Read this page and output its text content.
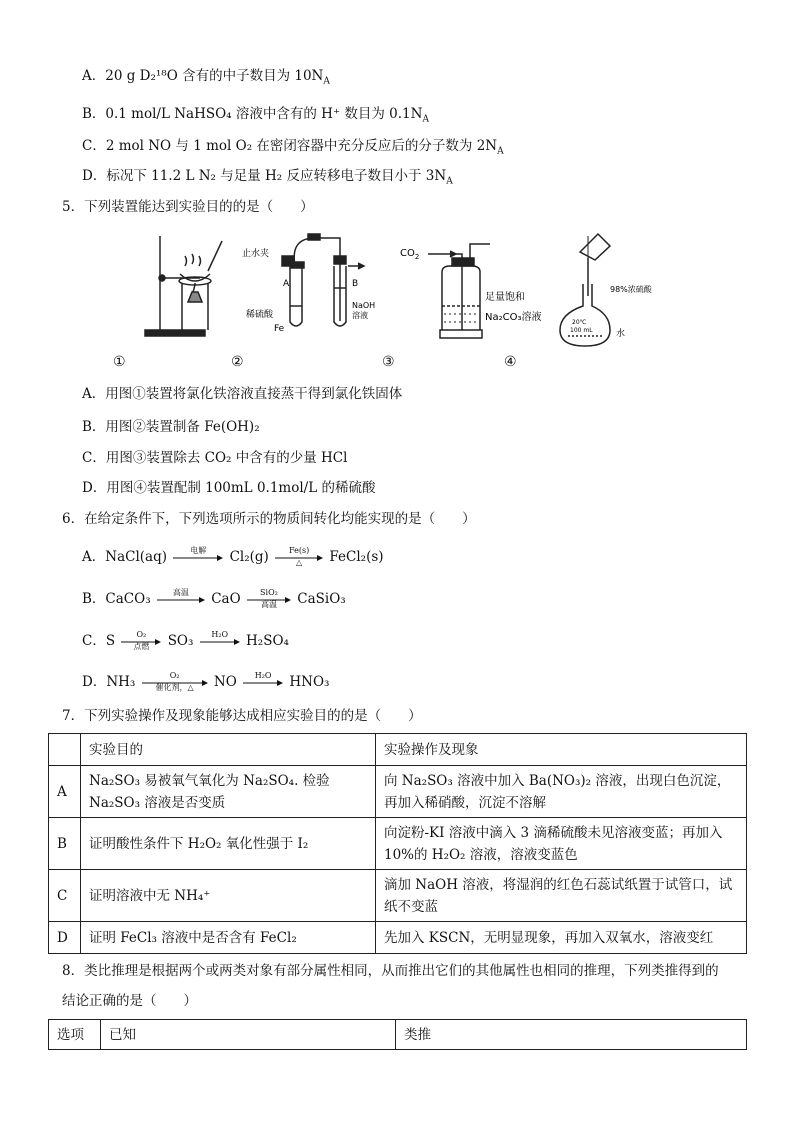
A．20 g D₂¹⁸O 含有的中子数目为 $10N_A$
B．0.1 mol/L NaHSO₄ 溶液中含有的 H⁺ 数目为 $0.1N_A$
C．2 mol NO 与 1 mol O₂ 在密闭容器中充分反应后的分子数为 $2N_A$
D．标况下 11.2 L N₂ 与足量 H₂ 反应转移电子数目小于 $3N_A$
5．下列装置能达到实验目的的是（　　）
止水夹
A	B
稀硫酸
Fe
NaOH
溶液
$CO_2$
足量饱和
Na₂CO₃溶液
98%浓硫酸
水
20℃
100 mL
①	②	③	④
A．用图①装置将氯化铁溶液直接蒸干得到氯化铁固体
B．用图②装置制备 Fe(OH)₂
C．用图③装置除去 CO₂ 中含有的少量 HCl
D．用图④装置配制 100mL 0.1mol/L 的稀硫酸
6．在给定条件下，下列选项所示的物质间转化均能实现的是（　　）
A．NaCl(aq)	电解	Cl₂(g)	Fe(s)
△	FeCl₂(s)
B．CaCO₃	高温	CaO	SiO₂
高温	CaSiO₃
C．S	O₂
点燃	SO₃	H₂O	H₂SO₄
D．NH₃	O₂
催化剂，△	NO	H₂O	HNO₃
7．下列实验操作及现象能够达成相应实验目的的是（　　）
	实验目的	实验操作及现象
A	Na₂SO₃ 易被氧气氧化为 Na₂SO₄. 检验 Na₂SO₃ 溶液是否变质	向 Na₂SO₃ 溶液中加入 Ba(NO₃)₂ 溶液，出现白色沉淀，再加入稀硝酸，沉淀不溶解
B	证明酸性条件下 H₂O₂ 氧化性强于 I₂	向淀粉-KI 溶液中滴入 3 滴稀硫酸未见溶液变蓝；再加入 10%的 H₂O₂ 溶液，溶液变蓝色
C	证明溶液中无 NH₄⁺	滴加 NaOH 溶液，将湿润的红色石蕊试纸置于试管口，试纸不变蓝
D	证明 FeCl₃ 溶液中是否含有 FeCl₂	先加入 KSCN，无明显现象，再加入双氧水，溶液变红
8．类比推理是根据两个或两类对象有部分属性相同，从而推出它们的其他属性也相同的推理，下列类推得到的
结论正确的是（　　）
选项	已知	类推
